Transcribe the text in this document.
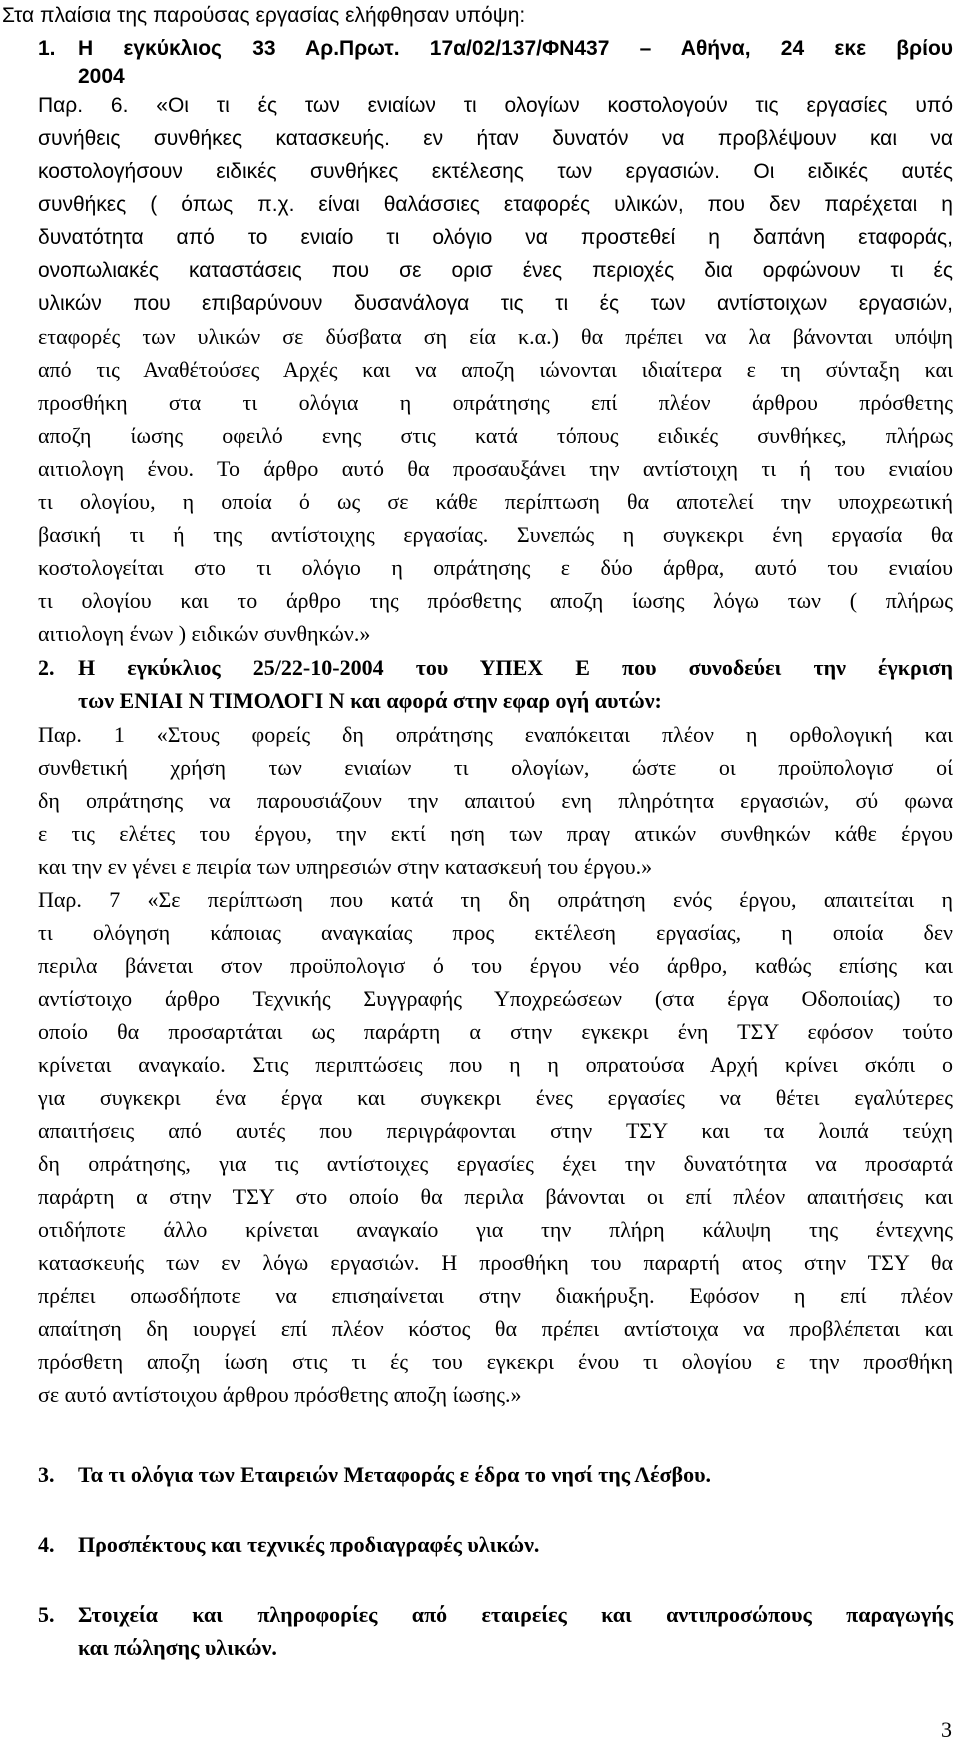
Στα πλαίσια της παρούσας εργασίας ελήφθησαν υπόψη:
1. Η εγκύκλιος 33 Αρ.Πρωτ. 17α/02/137/ΦΝ437 – Αθήνα, 24 εκε βρίου
2004
Παρ. 6. «Οι τι ές των ενιαίων τι ολογίων κοστολογούν τις εργασίες υπό
συνήθεις συνθήκες κατασκευής. εν ήταν δυνατόν να προβλέψουν και να
κοστολογήσουν ειδικές συνθήκες εκτέλεσης των εργασιών. Οι ειδικές αυτές
συνθήκες ( όπως π.χ. είναι θαλάσσιες εταφορές υλικών, που δεν παρέχεται η
δυνατότητα από το ενιαίο τι ολόγιο να προστεθεί η δαπάνη εταφοράς,
ονοπωλιακές καταστάσεις που σε ορισ ένες περιοχές δια ορφώνουν τι ές
υλικών που επιβαρύνουν δυσανάλογα τις τι ές των αντίστοιχων εργασιών,
εταφορές των υλικών σε δύσβατα ση εία κ.α.) θα πρέπει να λα βάνονται υπόψη
από τις Αναθέτούσες Αρχές και να αποζη ιώνονται ιδιαίτερα ε τη σύνταξη και
προσθήκη στα τι ολόγια η οπράτησης επί πλέον άρθρου πρόσθετης
αποζη ίωσης οφειλό ενης στις κατά τόπους ειδικές συνθήκες, πλήρως
αιτιολογη ένου. Το άρθρο αυτό θα προσαυξάνει την αντίστοιχη τι ή του ενιαίου
τι ολογίου, η οποία ό ως σε κάθε περίπτωση θα αποτελεί την υποχρεωτική
βασική τι ή της αντίστοιχης εργασίας. Συνεπώς η συγκεκρι ένη εργασία θα
κοστολογείται στο τι ολόγιο η οπράτησης ε δύο άρθρα, αυτό του ενιαίου
τι ολογίου και το άρθρο της πρόσθετης αποζη ίωσης λόγω των ( πλήρως
αιτιολογη ένων ) ειδικών συνθηκών.»
2. Η εγκύκλιος 25/22-10-2004 του ΥΠΕΧ Ε που συνοδεύει την έγκριση
των ΕΝΙΑΙ Ν ΤΙΜΟΛΟΓΙ Ν και αφορά στην εφαρ ογή αυτών:
Παρ. 1 «Στους φορείς δη οπράτησης εναπόκειται πλέον η ορθολογική και
συνθετική χρήση των ενιαίων τι ολογίων, ώστε οι προϋπολογισ οί
δη οπράτησης να παρουσιάζουν την απαιτού ενη πληρότητα εργασιών, σύ φωνα
ε τις ελέτες του έργου, την εκτί ηση των πραγ ατικών συνθηκών κάθε έργου
και την εν γένει ε πειρία των υπηρεσιών στην κατασκευή του έργου.»
Παρ. 7 «Σε περίπτωση που κατά τη δη οπράτηση ενός έργου, απαιτείται η
τι ολόγηση κάποιας αναγκαίας προς εκτέλεση εργασίας, η οποία δεν
περιλα βάνεται στον προϋπολογισ ό του έργου νέο άρθρο, καθώς επίσης και
αντίστοιχο άρθρο Τεχνικής Συγγραφής Υποχρεώσεων (στα έργα Οδοποιίας) το
οποίο θα προσαρτάται ως παράρτη α στην εγκεκρι ένη ΤΣΥ εφόσον τούτο
κρίνεται αναγκαίο. Στις περιπτώσεις που η η οπρατούσα Αρχή κρίνει σκόπι ο
για συγκεκρι ένα έργα και συγκεκρι ένες εργασίες να θέτει εγαλύτερες
απαιτήσεις από αυτές που περιγράφονται στην ΤΣΥ και τα λοιπά τεύχη
δη οπράτησης, για τις αντίστοιχες εργασίες έχει την δυνατότητα να προσαρτά
παράρτη α στην ΤΣΥ στο οποίο θα περιλα βάνονται οι επί πλέον απαιτήσεις και
οτιδήποτε άλλο κρίνεται αναγκαίο για την πλήρη κάλυψη της έντεχνης
κατασκευής των εν λόγω εργασιών. Η προσθήκη του παραρτή ατος στην ΤΣΥ θα
πρέπει οπωσδήποτε να επισηαίνεται στην διακήρυξη. Εφόσον η επί πλέον
απαίτηση δη ιουργεί επί πλέον κόστος θα πρέπει αντίστοιχα να προβλέπεται και
πρόσθετη αποζη ίωση στις τι ές του εγκεκρι ένου τι ολογίου ε την προσθήκη
σε αυτό αντίστοιχου άρθρου πρόσθετης αποζη ίωσης.»
3. Τα τι ολόγια των Εταιρειών Μεταφοράς ε έδρα το νησί της Λέσβου.
4. Προσπέκτους και τεχνικές προδιαγραφές υλικών.
5. Στοιχεία και πληροφορίες από εταιρείες και αντιπροσώπους παραγωγής
και πώλησης υλικών.
3
